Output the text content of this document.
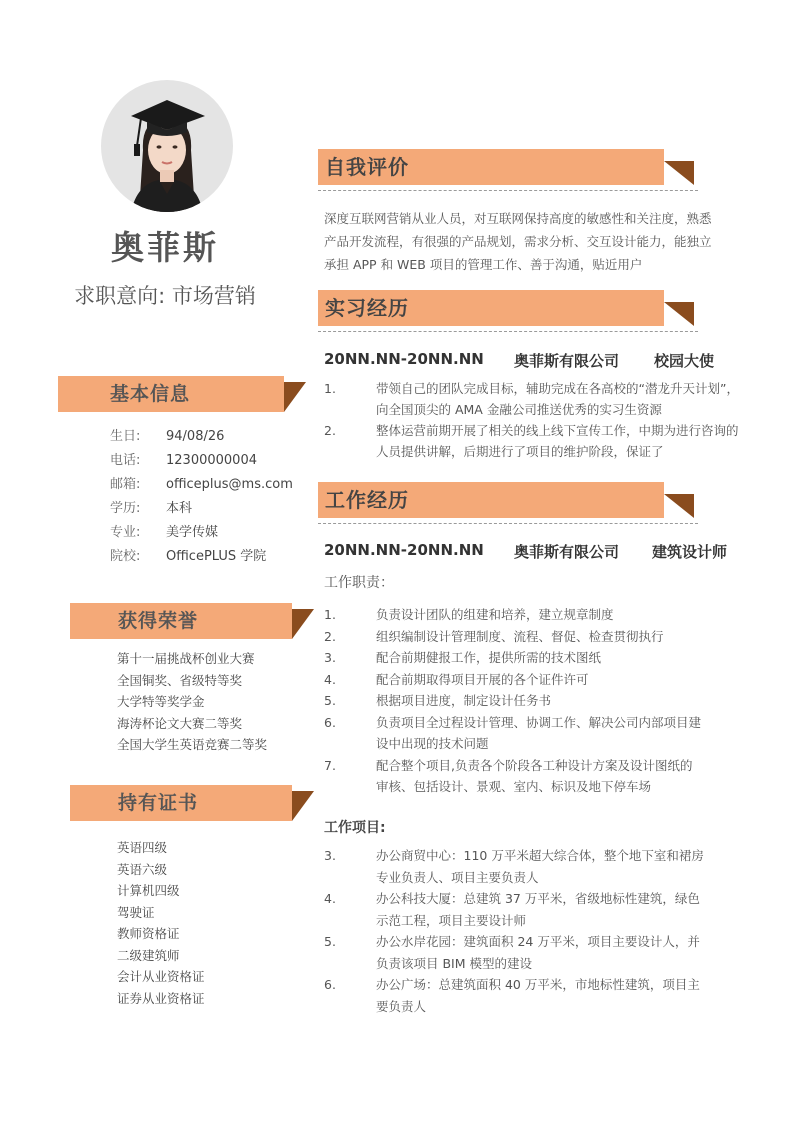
奥菲斯
求职意向: 市场营销
基本信息
生日:	94/08/26
电话:	12300000004
邮箱:	officeplus@ms.com
学历:	本科
专业:	美学传媒
院校:	OfficePLUS 学院
获得荣誉
第十一届挑战杯创业大赛
全国铜奖、省级特等奖
大学特等奖学金
海涛杯论文大赛二等奖
全国大学生英语竞赛二等奖
持有证书
英语四级
英语六级
计算机四级
驾驶证
教师资格证
二级建筑师
会计从业资格证
证券从业资格证
自我评价
深度互联网营销从业人员，对互联网保持高度的敏感性和关注度，熟悉产品开发流程，有很强的产品规划，需求分析、交互设计能力，能独立承担 APP 和 WEB 项目的管理工作、善于沟通，贴近用户
实习经历
20NN.NN-20NN.NN	奥菲斯有限公司	校园大使
1.	带领自己的团队完成目标，辅助完成在各高校的“潜龙升天计划”，向全国顶尖的 AMA 金融公司推送优秀的实习生资源
2.	整体运营前期开展了相关的线上线下宣传工作，中期为进行咨询的人员提供讲解，后期进行了项目的维护阶段，保证了
工作经历
20NN.NN-20NN.NN	奥菲斯有限公司	建筑设计师
工作职责：
1.	负责设计团队的组建和培养，建立规章制度
2.	组织编制设计管理制度、流程、督促、检查贯彻执行
3.	配合前期健报工作，提供所需的技术图纸
4.	配合前期取得项目开展的各个证件许可
5.	根据项目进度，制定设计任务书
6.	负责项目全过程设计管理、协调工作、解决公司内部项目建设中出现的技术问题
7.	配合整个项目,负责各个阶段各工种设计方案及设计图纸的审核、包括设计、景观、室内、标识及地下停车场
工作项目:
3.	办公商贸中心：110 万平米超大综合体，整个地下室和裙房专业负责人、项目主要负责人
4.	办公科技大厦：总建筑 37 万平米，省级地标性建筑，绿色示范工程，项目主要设计师
5.	办公水岸花园：建筑面积 24 万平米，项目主要设计人，并负责该项目 BIM 模型的建设
6.	办公广场：总建筑面积 40 万平米，市地标性建筑，项目主要负责人
